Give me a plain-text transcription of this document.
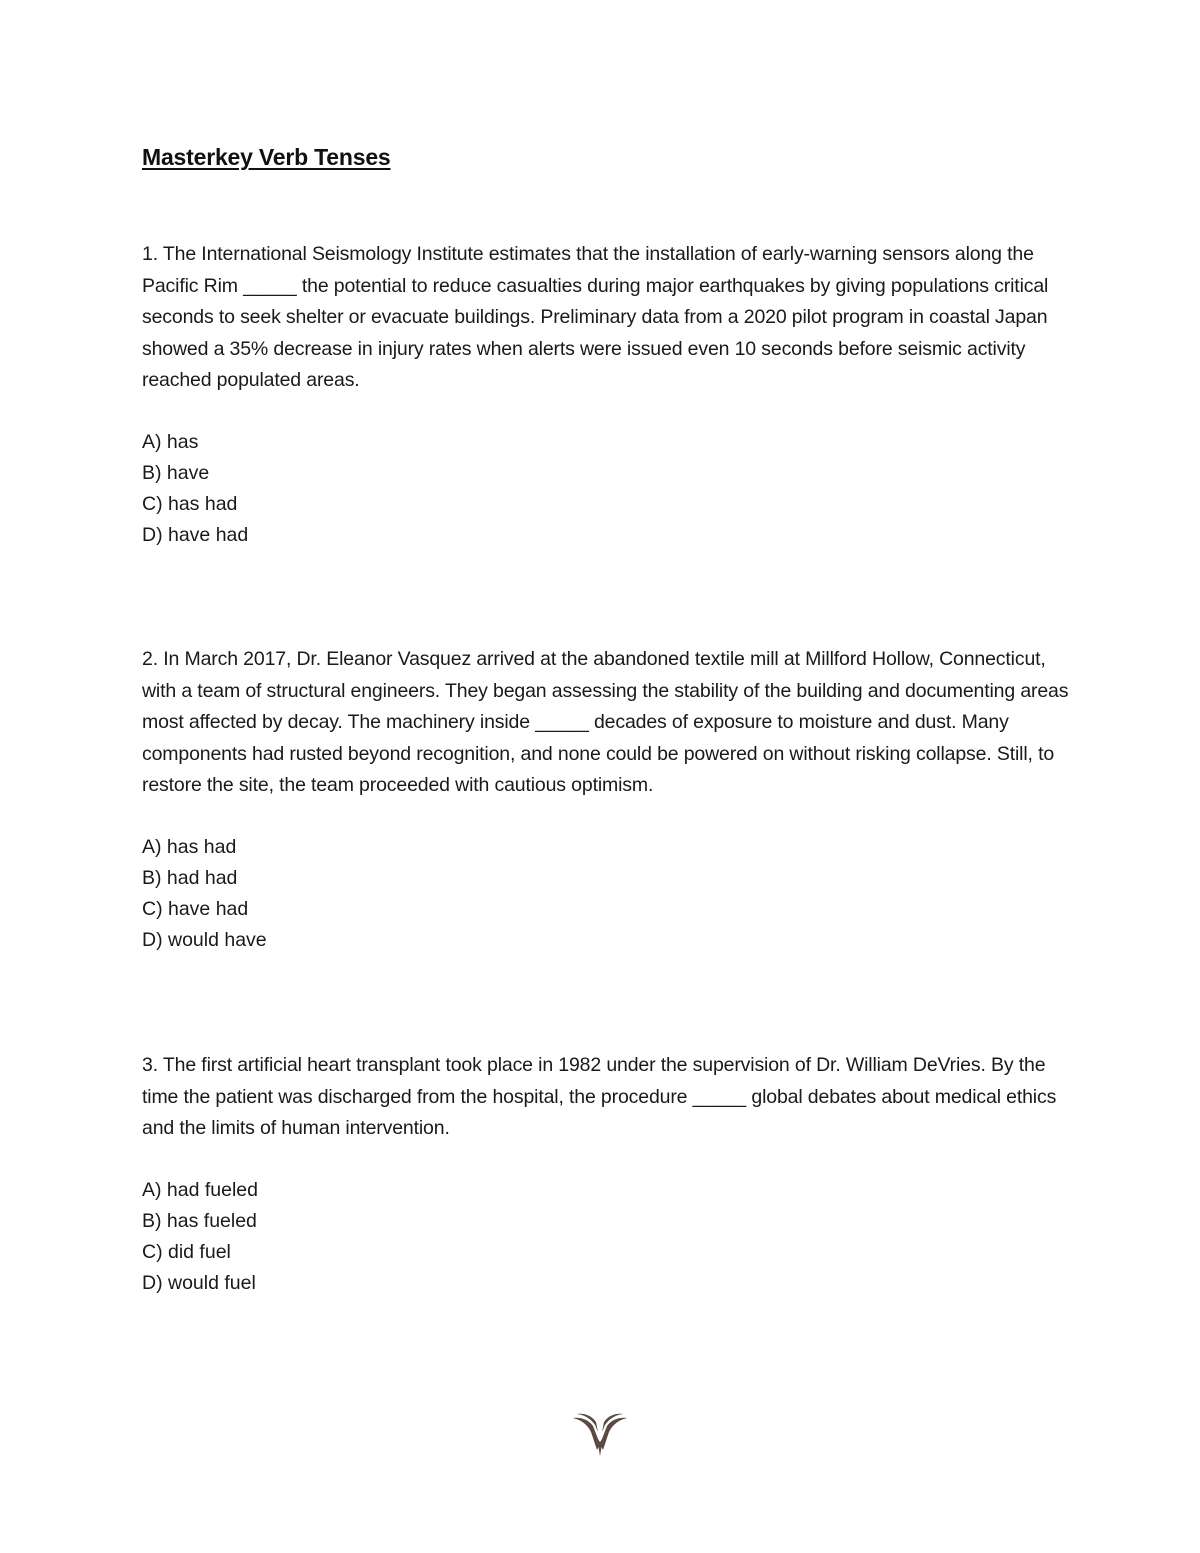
Masterkey Verb Tenses
1. The International Seismology Institute estimates that the installation of early-warning sensors along the Pacific Rim _____ the potential to reduce casualties during major earthquakes by giving populations critical seconds to seek shelter or evacuate buildings. Preliminary data from a 2020 pilot program in coastal Japan showed a 35% decrease in injury rates when alerts were issued even 10 seconds before seismic activity reached populated areas.
A) has
B) have
C) has had
D) have had
2. In March 2017, Dr. Eleanor Vasquez arrived at the abandoned textile mill at Millford Hollow, Connecticut, with a team of structural engineers. They began assessing the stability of the building and documenting areas most affected by decay. The machinery inside _____ decades of exposure to moisture and dust. Many components had rusted beyond recognition, and none could be powered on without risking collapse. Still, to restore the site, the team proceeded with cautious optimism.
A) has had
B) had had
C) have had
D) would have
3. The first artificial heart transplant took place in 1982 under the supervision of Dr. William DeVries. By the time the patient was discharged from the hospital, the procedure _____ global debates about medical ethics and the limits of human intervention.
A) had fueled
B) has fueled
C) did fuel
D) would fuel
